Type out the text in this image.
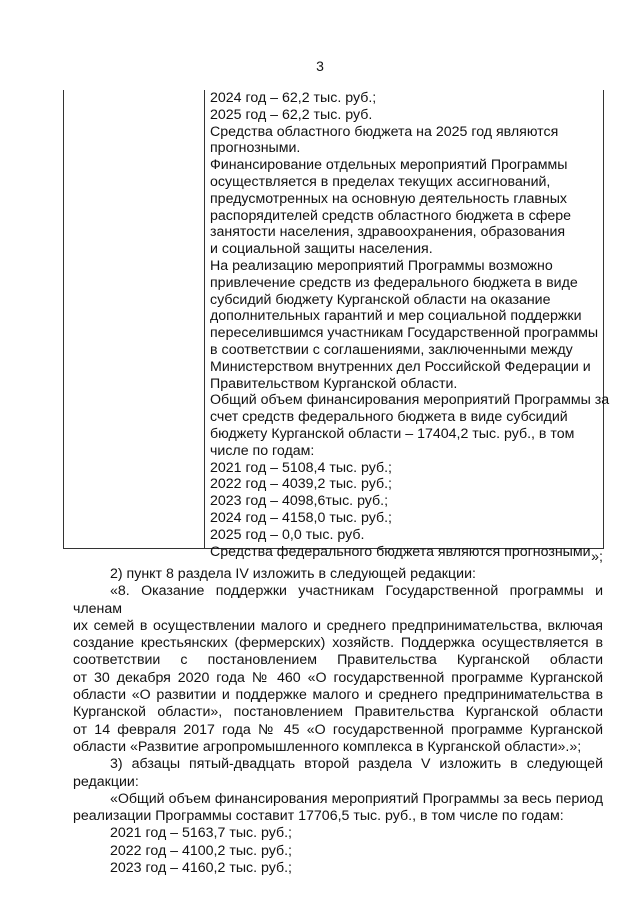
3
2024 год – 62,2 тыс. руб.;
2025 год – 62,2 тыс. руб.
Средства областного бюджета на 2025 год являются
прогнозными.
Финансирование отдельных мероприятий Программы
осуществляется в пределах текущих ассигнований,
предусмотренных на основную деятельность главных
распорядителей средств областного бюджета в сфере
занятости населения, здравоохранения, образования
и социальной защиты населения.
На реализацию мероприятий Программы возможно
привлечение средств из федерального бюджета в виде
субсидий бюджету Курганской области на оказание
дополнительных гарантий и мер социальной поддержки
переселившимся участникам Государственной программы
в соответствии с соглашениями, заключенными между
Министерством внутренних дел Российской Федерации и
Правительством Курганской области.
Общий объем финансирования мероприятий Программы за
счет средств федерального бюджета в виде субсидий
бюджету Курганской области – 17404,2 тыс. руб., в том
числе по годам:
2021 год – 5108,4 тыс. руб.;
2022 год – 4039,2 тыс. руб.;
2023 год – 4098,6тыс. руб.;
2024 год – 4158,0 тыс. руб.;
2025 год – 0,0 тыс. руб.
Средства федерального бюджета являются прогнозными »;
2) пункт 8 раздела IV изложить в следующей редакции:
«8. Оказание поддержки участникам Государственной программы и членам
их семей в осуществлении малого и среднего предпринимательства, включая
создание крестьянских (фермерских) хозяйств. Поддержка осуществляется в
соответствии с постановлением Правительства Курганской области
от 30 декабря 2020 года № 460 «О государственной программе Курганской
области «О развитии и поддержке малого и среднего предпринимательства в
Курганской области», постановлением Правительства Курганской области
от 14 февраля 2017 года № 45 «О государственной программе Курганской
области «Развитие агропромышленного комплекса в Курганской области».»;
3) абзацы пятый-двадцать второй раздела V изложить в следующей
редакции:
«Общий объем финансирования мероприятий Программы за весь период
реализации Программы составит 17706,5 тыс. руб., в том числе по годам:
2021 год – 5163,7 тыс. руб.;
2022 год – 4100,2 тыс. руб.;
2023 год – 4160,2 тыс. руб.;
